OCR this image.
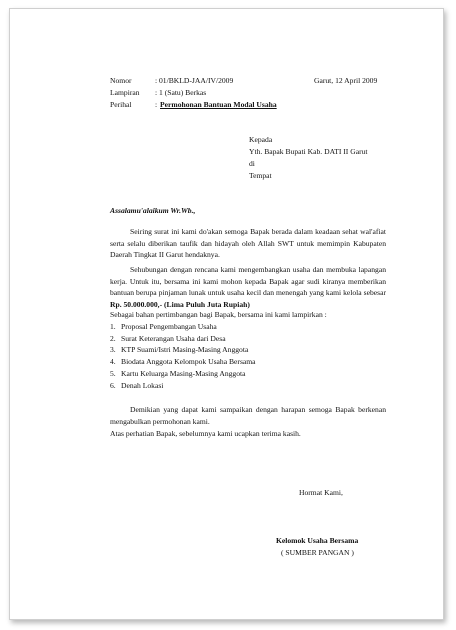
Nomor	: 01/BKLD-JAA/IV/2009	Garut, 12 April 2009
Lampiran : 1 (Satu) Berkas
Perihal	: Permohonan Bantuan Modal Usaha
Kepada
Yth. Bapak Bupati Kab. DATI II Garut
di
Tempat
Assalamu'alaikum Wr.Wb.,
Seiring surat ini kami do'akan semoga Bapak berada dalam keadaan sehat wal'afiat serta selalu diberikan taufik dan hidayah oleh Allah SWT untuk memimpin Kabupaten Daerah Tingkat II Garut hendaknya.
Sehubungan dengan rencana kami mengembangkan usaha dan membuka lapangan kerja. Untuk itu, bersama ini kami mohon kepada Bapak agar sudi kiranya memberikan bantuan berupa pinjaman lunak untuk usaha kecil dan menengah yang kami kelola sebesar Rp. 50.000.000,- (Lima Puluh Juta Rupiah)
Sebagai bahan pertimbangan bagi Bapak, bersama ini kami lampirkan :
1. Proposal Pengembangan Usaha
2. Surat Keterangan Usaha dari Desa
3. KTP Suami/Istri Masing-Masing Anggota
4. Biodata Anggota Kelompok Usaha Bersama
5. Kartu Keluarga Masing-Masing Anggota
6. Denah Lokasi
Demikian yang dapat kami sampaikan dengan harapan semoga Bapak berkenan mengabulkan permohonan kami.
Atas perhatian Bapak, sebelumnya kami ucapkan terima kasih.
Hormat Kami,
Kelomok Usaha Bersama
( SUMBER PANGAN )
